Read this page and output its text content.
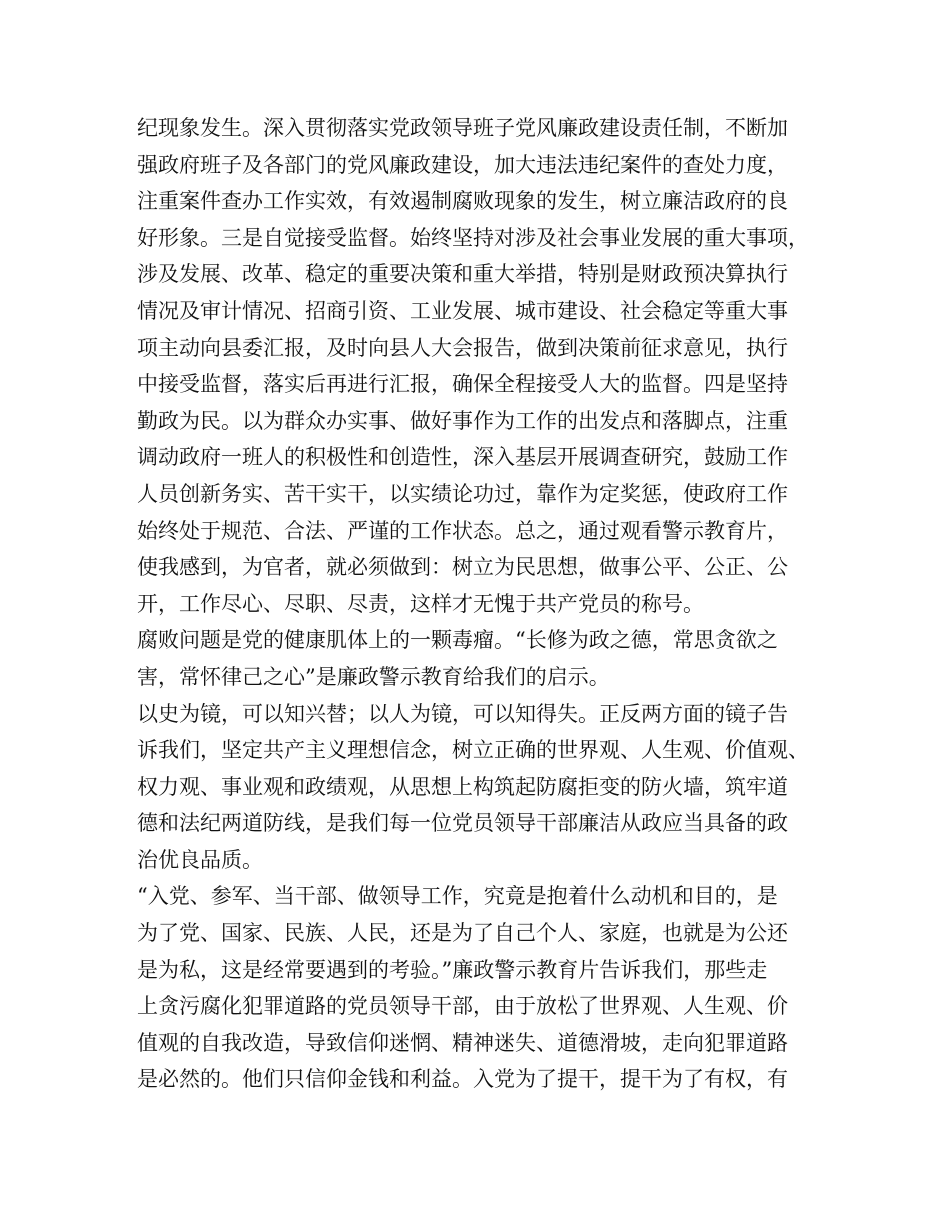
纪现象发生。深入贯彻落实党政领导班子党风廉政建设责任制，不断加
强政府班子及各部门的党风廉政建设，加大违法违纪案件的查处力度，
注重案件查办工作实效，有效遏制腐败现象的发生，树立廉洁政府的良
好形象。三是自觉接受监督。始终坚持对涉及社会事业发展的重大事项，
涉及发展、改革、稳定的重要决策和重大举措，特别是财政预决算执行
情况及审计情况、招商引资、工业发展、城市建设、社会稳定等重大事
项主动向县委汇报，及时向县人大会报告，做到决策前征求意见，执行
中接受监督，落实后再进行汇报，确保全程接受人大的监督。四是坚持
勤政为民。以为群众办实事、做好事作为工作的出发点和落脚点，注重
调动政府一班人的积极性和创造性，深入基层开展调查研究，鼓励工作
人员创新务实、苦干实干，以实绩论功过，靠作为定奖惩，使政府工作
始终处于规范、合法、严谨的工作状态。总之，通过观看警示教育片，
使我感到，为官者，就必须做到：树立为民思想，做事公平、公正、公
开，工作尽心、尽职、尽责，这样才无愧于共产党员的称号。
腐败问题是党的健康肌体上的一颗毒瘤。“长修为政之德，常思贪欲之
害，常怀律己之心”是廉政警示教育给我们的启示。
以史为镜，可以知兴替；以人为镜，可以知得失。正反两方面的镜子告
诉我们，坚定共产主义理想信念，树立正确的世界观、人生观、价值观、
权力观、事业观和政绩观，从思想上构筑起防腐拒变的防火墙，筑牢道
德和法纪两道防线，是我们每一位党员领导干部廉洁从政应当具备的政
治优良品质。
“入党、参军、当干部、做领导工作，究竟是抱着什么动机和目的，是
为了党、国家、民族、人民，还是为了自己个人、家庭，也就是为公还
是为私，这是经常要遇到的考验。”廉政警示教育片告诉我们，那些走
上贪污腐化犯罪道路的党员领导干部，由于放松了世界观、人生观、价
值观的自我改造，导致信仰迷惘、精神迷失、道德滑坡，走向犯罪道路
是必然的。他们只信仰金钱和利益。入党为了提干，提干为了有权，有
